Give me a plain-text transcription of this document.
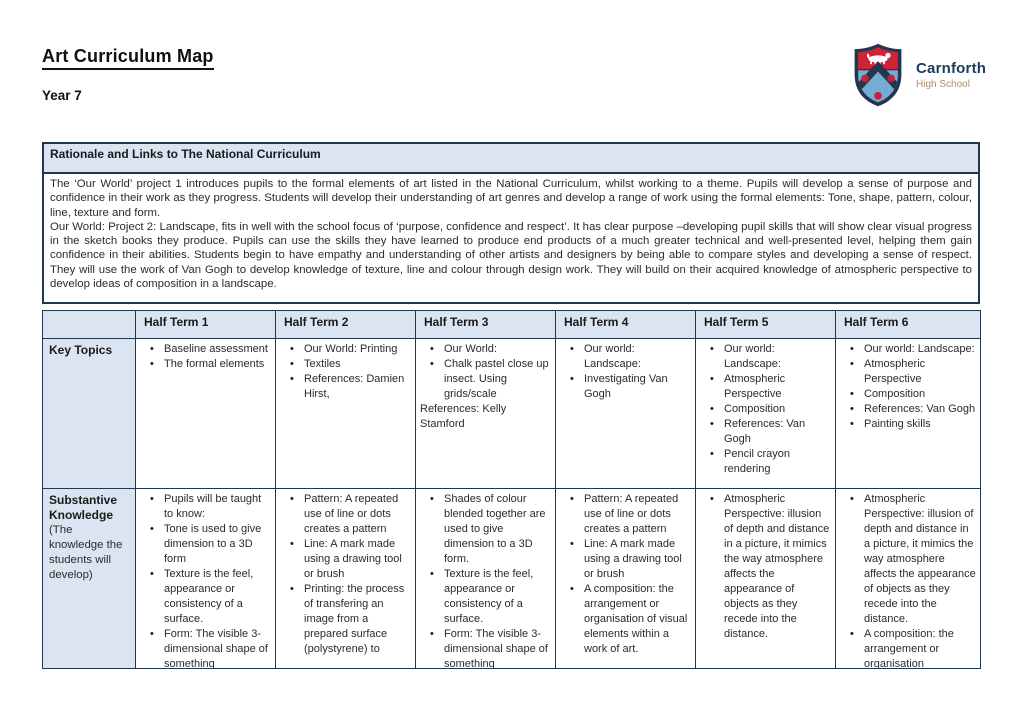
Art Curriculum Map
Year 7
Carnforth
High School
Rationale and Links to The National Curriculum

The ‘Our World’ project 1 introduces pupils to the formal elements of art listed in the National Curriculum, whilst working to a theme. Pupils will develop a sense of purpose and confidence in their work as they progress. Students will develop their understanding of art genres and develop a range of work using the formal elements: Tone, shape, pattern, colour, line, texture and form.

Our World: Project 2: Landscape, fits in well with the school focus of ‘purpose, confidence and respect’. It has clear purpose –developing pupil skills that will show clear visual progress in the sketch books they produce. Pupils can use the skills they have learned to produce end products of a much greater technical and well-presented level, helping them gain confidence in their abilities. Students begin to have empathy and understanding of other artists and designers by being able to compare styles and developing a sense of respect. They will use the work of Van Gogh to develop knowledge of texture, line and colour through design work. They will build on their acquired knowledge of atmospheric perspective to develop ideas of composition in a landscape.

	Half Term 1	Half Term 2	Half Term 3	Half Term 4	Half Term 5	Half Term 6

Key Topics

•Baseline assessment
• The formal elements

• Our World: Printing
• Textiles
• References: Damien Hirst,

• Our World:
• Chalk pastel close up insect. Using grids/scale
References: Kelly Stamford

• Our world: Landscape:
• Investigating Van Gogh

• Our world: Landscape:
• Atmospheric Perspective
• Composition
• References: Van Gogh
• Pencil crayon rendering

• Our world: Landscape:
• Atmospheric Perspective
• Composition
• References: Van Gogh
• Painting skills

Substantive Knowledge
(The knowledge the students will develop)

• Pupils will be taught to know:
• Tone is used to give dimension to a 3D form
• Texture is the feel, appearance or consistency of a surface.
• Form: The visible 3-dimensional shape of something

• Pattern: A repeated use of line or dots creates a pattern
• Line: A mark made using a drawing tool or brush
• Printing: the process of transfering an image from a prepared surface (polystyrene) to

• Shades of colour blended together are used to give dimension to a 3D form.
• Texture is the feel, appearance or consistency of a surface.
• Form: The visible 3-dimensional shape of something

• Pattern: A repeated use of line or dots creates a pattern
• Line: A mark made using a drawing tool or brush
• A composition: the arrangement or organisation of visual elements within a work of art.

• Atmospheric Perspective: illusion of depth and distance in a picture, it mimics the way atmosphere affects the appearance of objects as they recede into the distance.

• Atmospheric Perspective: illusion of depth and distance in a picture, it mimics the way atmosphere affects the appearance of objects as they recede into the distance.
• A composition: the arrangement or organisation
